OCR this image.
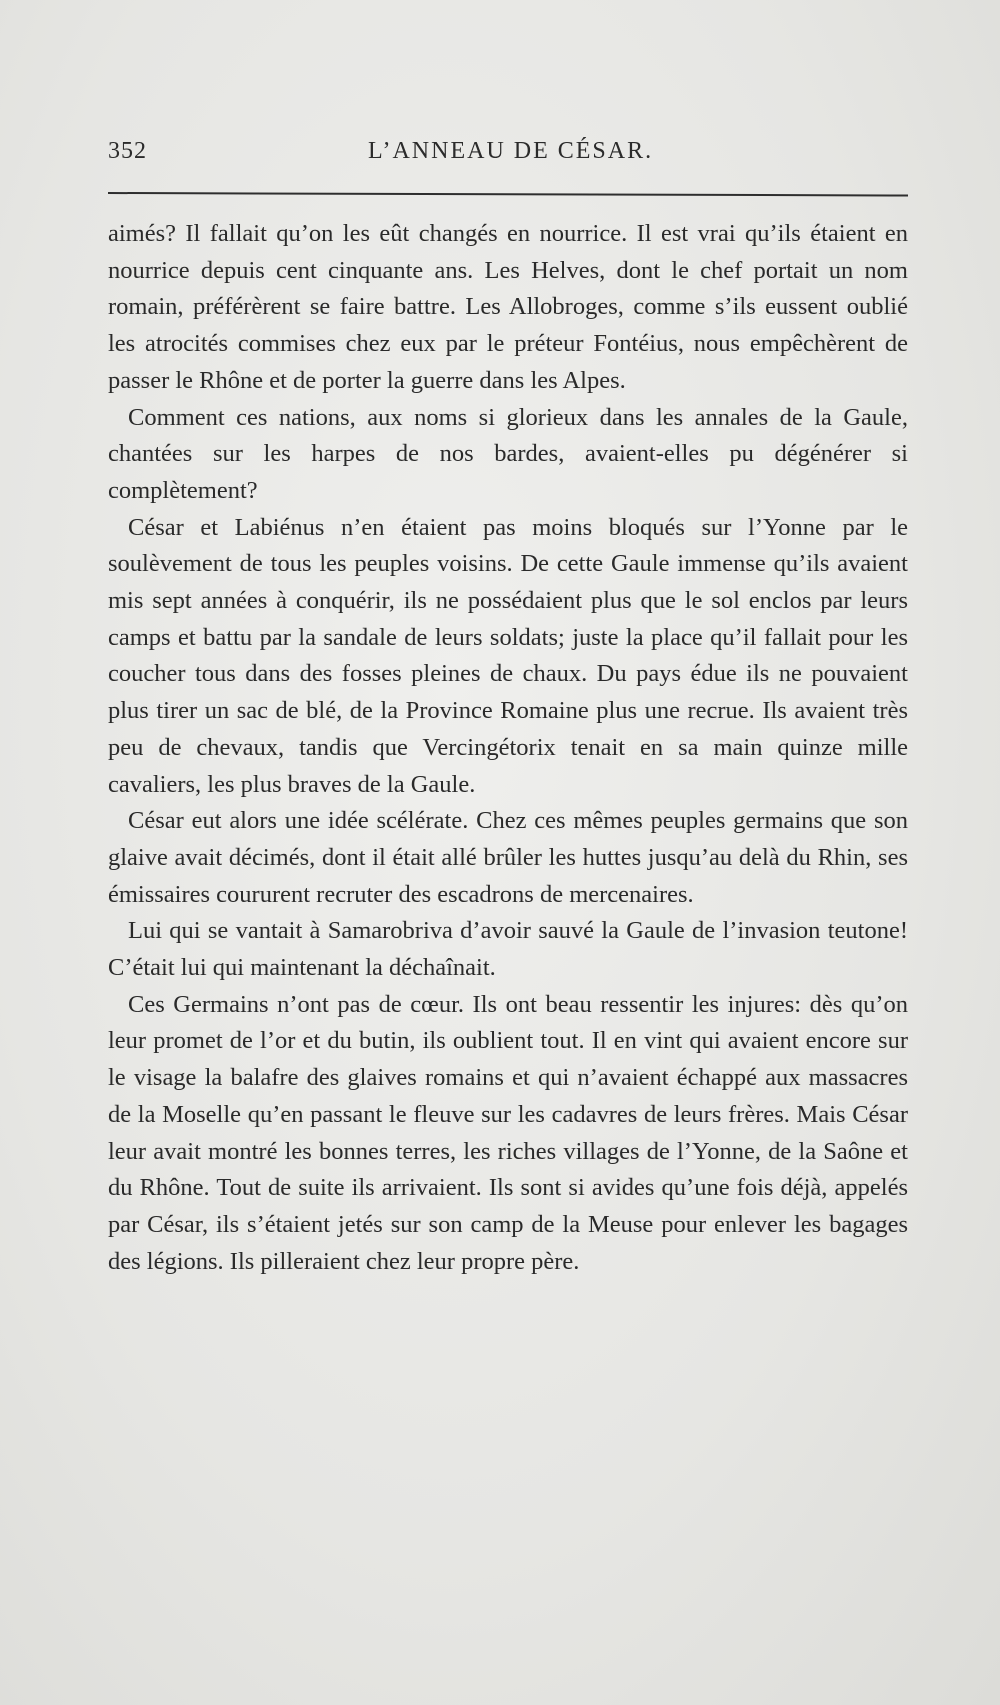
352	L’ANNEAU DE CÉSAR.

aimés? Il fallait qu’on les eût changés en nourrice. Il est vrai qu’ils étaient en nourrice depuis cent cinquante ans. Les Helves, dont le chef portait un nom romain, préférèrent se faire battre. Les Allobroges, comme s’ils eussent oublié les atrocités commises chez eux par le préteur Fontéius, nous empêchèrent de passer le Rhône et de porter la guerre dans les Alpes.

Comment ces nations, aux noms si glorieux dans les annales de la Gaule, chantées sur les harpes de nos bardes, avaient-elles pu dégénérer si complètement?

César et Labiénus n’en étaient pas moins bloqués sur l’Yonne par le soulèvement de tous les peuples voisins. De cette Gaule immense qu’ils avaient mis sept années à conquérir, ils ne possédaient plus que le sol enclos par leurs camps et battu par la sandale de leurs soldats; juste la place qu’il fallait pour les coucher tous dans des fosses pleines de chaux. Du pays édue ils ne pouvaient plus tirer un sac de blé, de la Province Romaine plus une recrue. Ils avaient très peu de chevaux, tandis que Vercingétorix tenait en sa main quinze mille cavaliers, les plus braves de la Gaule.

César eut alors une idée scélérate. Chez ces mêmes peuples germains que son glaive avait décimés, dont il était allé brûler les huttes jusqu’au delà du Rhin, ses émissaires coururent recruter des escadrons de mercenaires.

Lui qui se vantait à Samarobriva d’avoir sauvé la Gaule de l’invasion teutone! C’était lui qui maintenant la déchaînait.

Ces Germains n’ont pas de cœur. Ils ont beau ressentir les injures: dès qu’on leur promet de l’or et du butin, ils oublient tout. Il en vint qui avaient encore sur le visage la balafre des glaives romains et qui n’avaient échappé aux massacres de la Moselle qu’en passant le fleuve sur les cadavres de leurs frères. Mais César leur avait montré les bonnes terres, les riches villages de l’Yonne, de la Saône et du Rhône. Tout de suite ils arrivaient. Ils sont si avides qu’une fois déjà, appelés par César, ils s’étaient jetés sur son camp de la Meuse pour enlever les bagages des légions. Ils pilleraient chez leur propre père.
